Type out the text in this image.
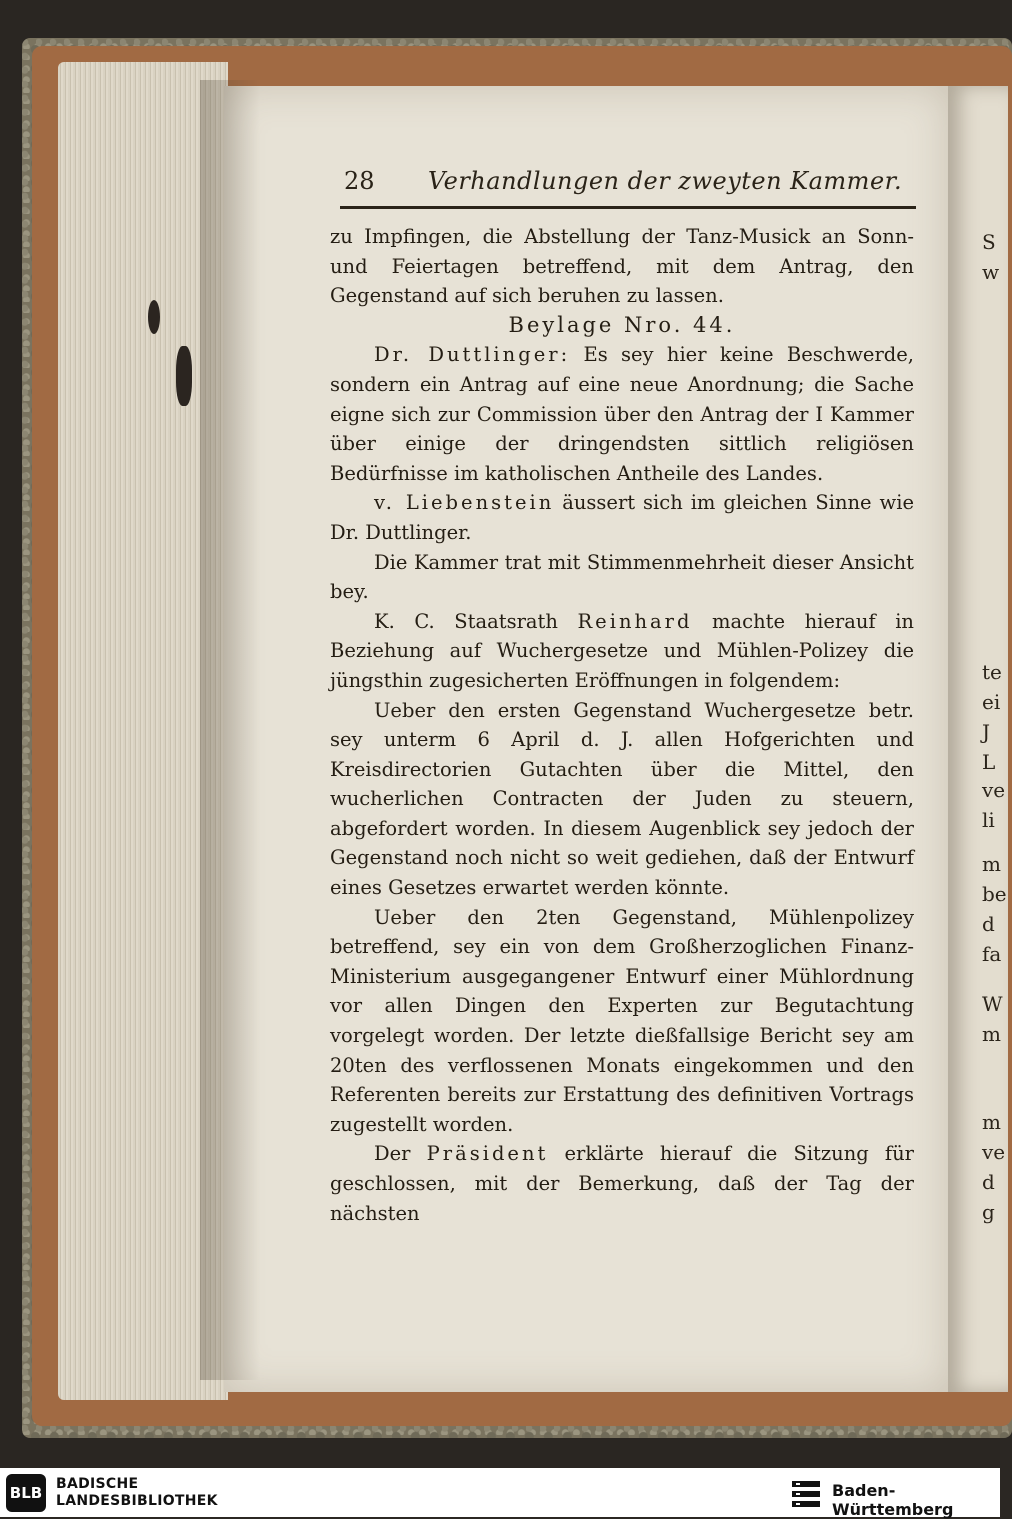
S
w
te
ei
J
L
ve
li
m
be
d
fa
W
m
m
ve
d
g
28 Verhandlungen der zweyten Kammer.

zu Impfingen, die Abstellung der Tanz-Musick an Sonn- und Feiertagen betreffend, mit dem Antrag, den Gegenstand auf sich beruhen zu lassen.

Beylage Nro. 44.

Dr. Duttlinger: Es sey hier keine Beschwerde, sondern ein Antrag auf eine neue Anordnung; die Sache eigne sich zur Commission über den Antrag der I Kammer über einige der dringendsten sittlich religiösen Bedürfnisse im katholischen Antheile des Landes.

v. Liebenstein äussert sich im gleichen Sinne wie Dr. Duttlinger.

Die Kammer trat mit Stimmenmehrheit dieser Ansicht bey.

K. C. Staatsrath Reinhard machte hierauf in Beziehung auf Wuchergesetze und Mühlen-Polizey die jüngsthin zugesicherten Eröffnungen in folgendem:

Ueber den ersten Gegenstand Wuchergesetze betr. sey unterm 6 April d. J. allen Hofgerichten und Kreisdirectorien Gutachten über die Mittel, den wucherlichen Contracten der Juden zu steuern, abgefordert worden. In diesem Augenblick sey jedoch der Gegenstand noch nicht so weit gediehen, daß der Entwurf eines Gesetzes erwartet werden könnte.

Ueber den 2ten Gegenstand, Mühlenpolizey betreffend, sey ein von dem Großherzoglichen Finanz-Ministerium ausgegangener Entwurf einer Mühlordnung vor allen Dingen den Experten zur Begutachtung vorgelegt worden. Der letzte dießfallsige Bericht sey am 20ten des verflossenen Monats eingekommen und den Referenten bereits zur Erstattung des definitiven Vortrags zugestellt worden.

Der Präsident erklärte hierauf die Sitzung für geschlossen, mit der Bemerkung, daß der Tag der nächsten

BLB BADISCHE
LANDESBIBLIOTHEK
Baden-Württemberg
